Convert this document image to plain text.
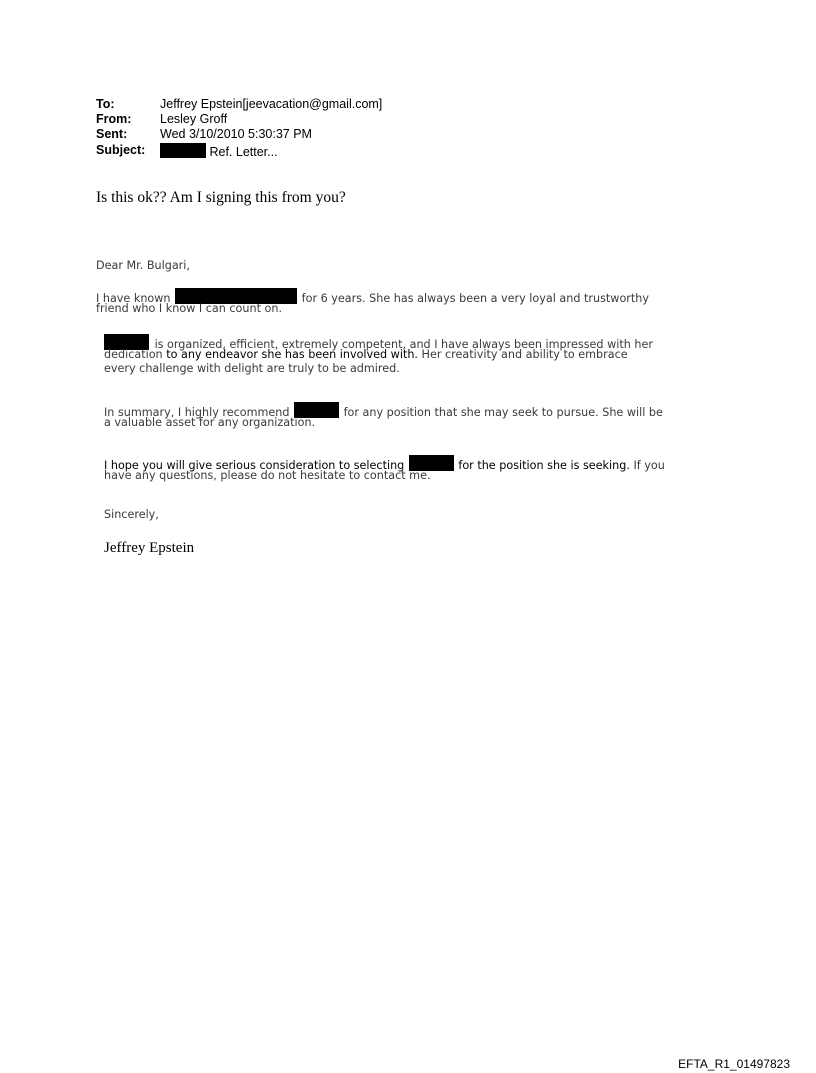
To:	Jeffrey Epstein[jeevacation@gmail.com]
From: Lesley Groff
Sent:	Wed 3/10/2010 5:30:37 PM
Subject:	Ref. Letter...
Is this ok?? Am I signing this from you?
Dear Mr. Bulgari,
I have known	for 6 years. She has always been a very loyal and trustworthy
friend who I know I can count on.
is organized, efficient, extremely competent, and I have always been impressed with her
dedication to any endeavor she has been involved with. Her creativity and ability to embrace
every challenge with delight are truly to be admired.
In summary, I highly recommend	for any position that she may seek to pursue. She will be
a valuable asset for any organization.
I hope you will give serious consideration to selecting	for the position she is seeking. If you
have any questions, please do not hesitate to contact me.
Sincerely,
Jeffrey Epstein
EFTA_R1_01497823
